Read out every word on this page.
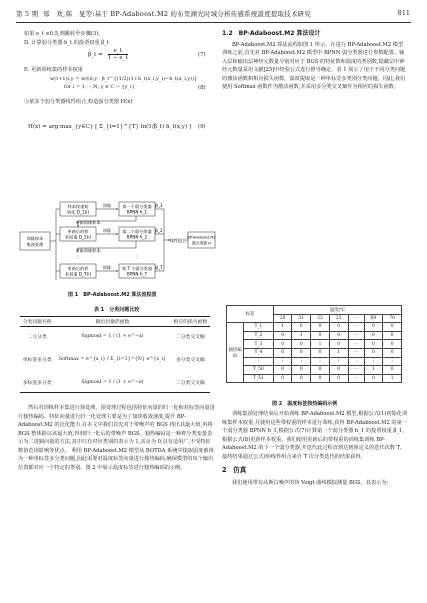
第 5 期 郑　欢,韩　旻等:基于 BP-Adaboost.M2 的布里渊光时域分析传感系统温度提取技术研究	811

如果 e_t ≥0.5,则跳转至步骤(3)。

D. 计算弱分类器 h_t 的投票权重 β_t

β_t = $\frac{e\_t}{1 - e\_t}$	(7)

E. 更新训练集的样本权重

w(t+1)i,y = w(t)i,y · β_t^{(1/2)(1+h_t(x_i,y_i)−h_t(x_i,y))}
for i = 1,⋯,N; y ∈ C − {y_i}	(8)

③依多个弱分类器线性组合,构造强分类器 H(x)

H(x) = arg max_{y∈C} [ Σ_{t=1}^{T} ln(1/β_t) h_t(x,y) ] (9)
训练样本
集预处理
样本权重初
始化 D_1(i)
更新训练样本
更新后的样
本权重 D_2(i)
更新训练样本
⋮
更新后的样
本权重 D_T(i)
训练
训练
训练
第一个弱分类器
BPNN h_1
第二个弱分类器
BPNN h_2
⋮
第 T 个弱分类器
BPNN h_T
β_1
β_2
β_T
线性组合
BP-Adaboost.M2
强分类器 H
图 1　BP-Adaboost.M2 算法流程图
表 1　分类问题比较
分类问题名称	输出层激活函数	相应的损失函数
二元分类	Sigmoid = 1 / (1 + e^−x)	二分类交叉熵
单标签多分类	Softmax = e^{x_i} / Σ_{i=1}^{N} e^{x_i}	多分类交叉熵
多标签多分类	Sigmoid = 1 / (1 + e^−x)	二分类交叉熵

然后对训练样本集进行预处理。预处理过程包括特征向量的归一化和对标签向量进行独热编码。特征向量进行归一化处理主要是为了加快收敛速度,提升 BP-Adaboost.M2 的泛化能力,在本文中我们首先对于带噪声的 BGS 找出其最大值,再将 BGS 整体除以该最大值,得到归一化后的带噪声 BGS。独热编码是一种将分类变量表示为二进制向量的方法,其中只有对应类别的表示为 1,其余为 0,具有适用广,不受特征数值范围影响等优点。 利用 BP-Adaboost.M2 模型从 BOTDA 系统中提取温度被视为一种单标签多分类问题,因此需要对温度标签向量进行独热编码,确保模型的每个输出位置都对应一个特定的类别。图 2 中展示温度标签进行独热编码的示例。

1.2　BP-Adaboost.M2 算法设计

BP-Adaboost.M2 算法流程如图 1 所示。在进行 BP-Adaboost.M2 模型训练之前,首先对 BP-Adaboost.M2 模型中 BPNN 弱分类器进行参数配置。输入层和输出层神经元数量分别对应于 BGS 的特征数和温度的类别数,隐藏层中神经元数量采用文献[25]中经验公式进行推导确定。表 1 展示了用于不同分类问题的激活函数和相应损失函数。温度提取是一种单标签多类别分类问题。因此,我们使用 Softmax 函数作为激活函数,并采用多分类交叉熵作为相应的损失函数。

标签		温度/℃						
		20	21	22	23	⋯	69	70
独热编码	T_1	1	0	0	0	⋯	0	0
	T_2	0	1	0	0	⋯	0	0
	T_3	0	0	1	0	⋯	0	0
	T_4	0	0	0	1	⋯	0	0
	⋮	⋮	⋮	⋮	⋮	⋱	⋮	⋮
	T_50	0	0	0	0	⋯	1	0
	T_51	0	0	0	0	⋯	0	1
图 2　温度标签独热编码示例

训练集预处理结束后开始训练 BP-Adaboost.M2 模型,根据公式(1)初始化训练集样本权重,并使用这些带权重的样本进行训练,获得 BP-Adaboost.M2 的第一个弱分类器 BPNN h_1,根据公式(7)计算第一个弱分类器 h_1 的投票权重 β_1,根据公式(8)更新样本权重。我们使用更新后的带权重的训练集训练 BP-Adaboost.M2 的下一个弱分类器,并迭代此过程直到达到预定义的迭代次数 T。最终结果通过公式(9)线性组合来自 T 次分类迭代的结果获得。

2　仿真

我们使用带有高斯白噪声的伪 Voigt 曲线模拟测量 BGS。其表示为:
